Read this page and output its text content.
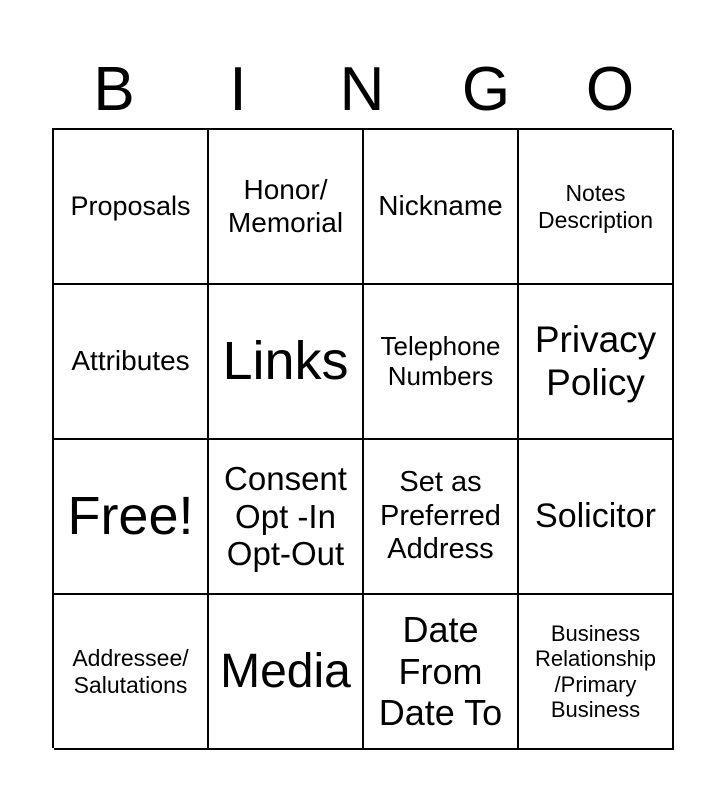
B	I	N	G	O
Proposals
Honor/
Memorial
Nickname	Notes
Description
Attributes Links Telephone
Numbers
Privacy
Policy
Free!
Consent
Opt -In
Opt-Out
Set as
Preferred
Address
Solicitor
Addressee/
Salutations Media
Date
From
Date To
Business
Relationship
/Primary
Business
